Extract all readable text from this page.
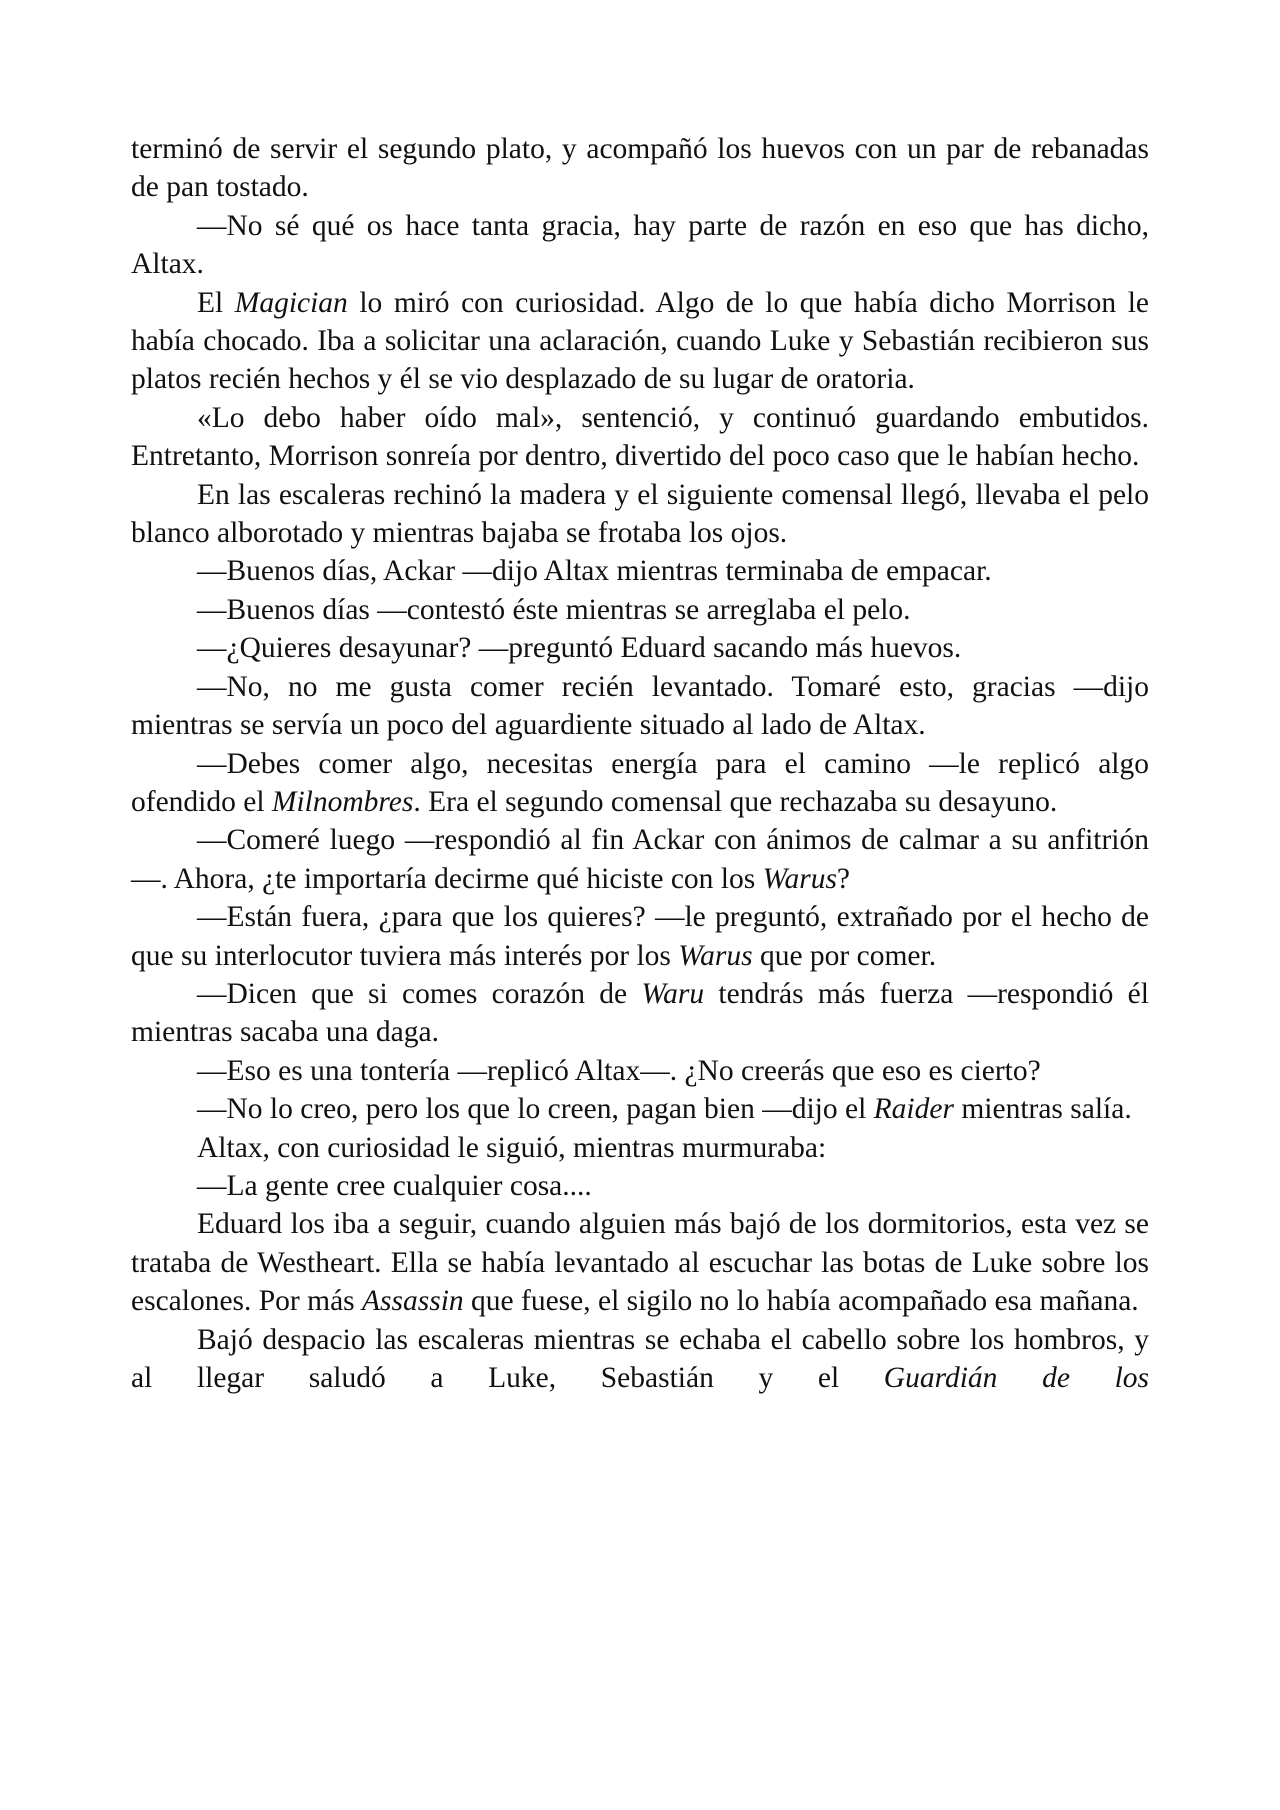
terminó de servir el segundo plato, y acompañó los huevos con un par de rebanadas de pan tostado.

—No sé qué os hace tanta gracia, hay parte de razón en eso que has dicho, Altax.

El Magician lo miró con curiosidad. Algo de lo que había dicho Morrison le había chocado. Iba a solicitar una aclaración, cuando Luke y Sebastián recibieron sus platos recién hechos y él se vio desplazado de su lugar de oratoria.

«Lo debo haber oído mal», sentenció, y continuó guardando embutidos. Entretanto, Morrison sonreía por dentro, divertido del poco caso que le habían hecho.

En las escaleras rechinó la madera y el siguiente comensal llegó, llevaba el pelo blanco alborotado y mientras bajaba se frotaba los ojos.

—Buenos días, Ackar —dijo Altax mientras terminaba de empacar.

—Buenos días —contestó éste mientras se arreglaba el pelo.

—¿Quieres desayunar? —preguntó Eduard sacando más huevos.

—No, no me gusta comer recién levantado. Tomaré esto, gracias —dijo mientras se servía un poco del aguardiente situado al lado de Altax.

—Debes comer algo, necesitas energía para el camino —le replicó algo ofendido el Milnombres. Era el segundo comensal que rechazaba su desayuno.

—Comeré luego —respondió al fin Ackar con ánimos de calmar a su anfitrión—. Ahora, ¿te importaría decirme qué hiciste con los Warus?

—Están fuera, ¿para que los quieres? —le preguntó, extrañado por el hecho de que su interlocutor tuviera más interés por los Warus que por comer.

—Dicen que si comes corazón de Waru tendrás más fuerza —respondió él mientras sacaba una daga.

—Eso es una tontería —replicó Altax—. ¿No creerás que eso es cierto?

—No lo creo, pero los que lo creen, pagan bien —dijo el Raider mientras salía.

Altax, con curiosidad le siguió, mientras murmuraba:

—La gente cree cualquier cosa....

Eduard los iba a seguir, cuando alguien más bajó de los dormitorios, esta vez se trataba de Westheart. Ella se había levantado al escuchar las botas de Luke sobre los escalones. Por más Assassin que fuese, el sigilo no lo había acompañado esa mañana.

Bajó despacio las escaleras mientras se echaba el cabello sobre los hombros, y al llegar saludó a Luke, Sebastián y el Guardián de los
